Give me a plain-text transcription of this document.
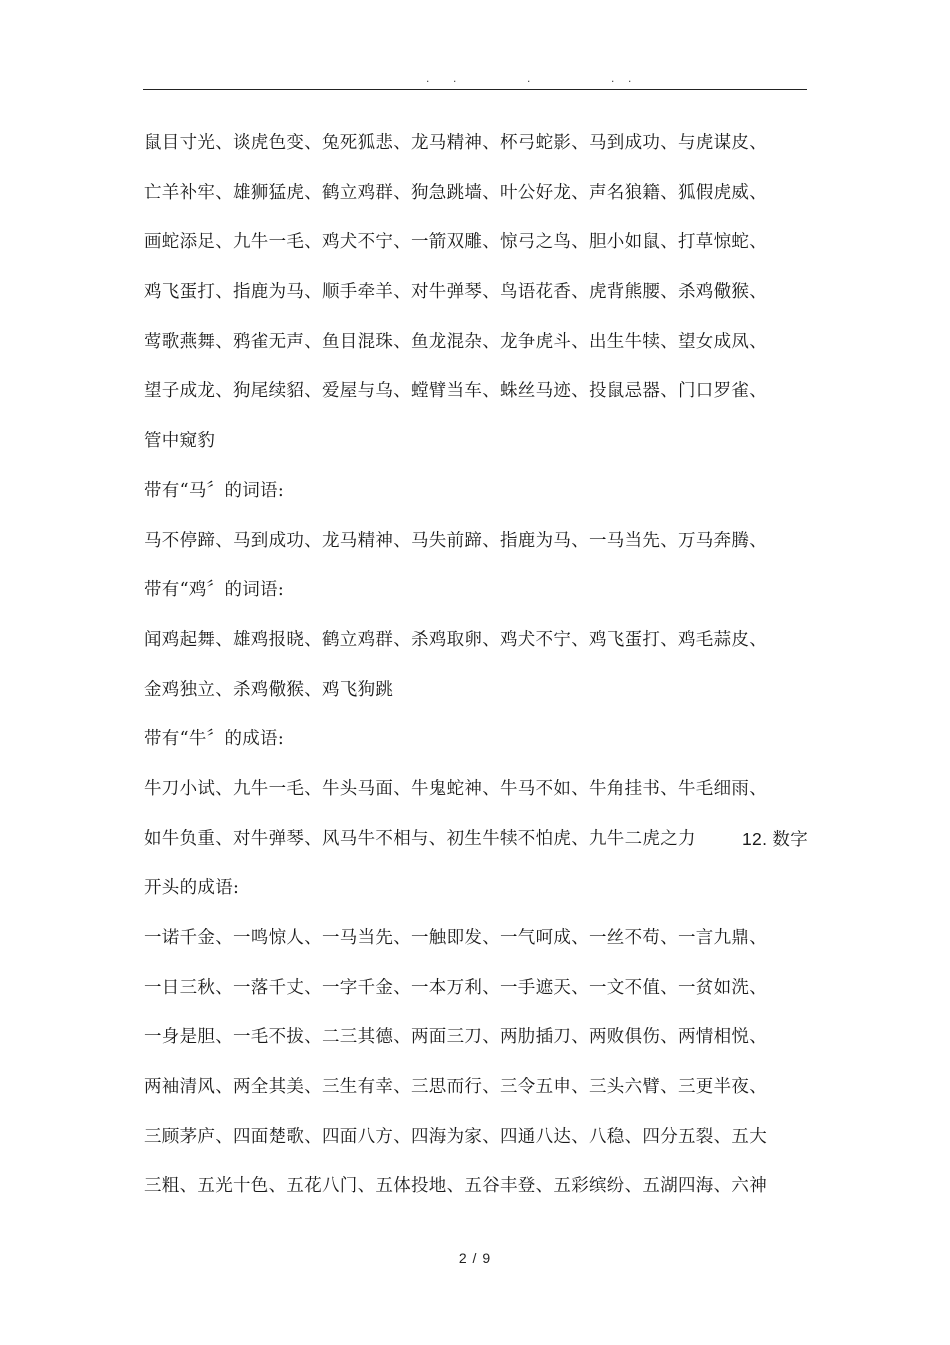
. .	.	. .
鼠目寸光、谈虎色变、兔死狐悲、龙马精神、杯弓蛇影、马到成功、与虎谋皮、
亡羊补牢、雄狮猛虎、鹤立鸡群、狗急跳墙、叶公好龙、声名狼籍、狐假虎威、
画蛇添足、九牛一毛、鸡犬不宁、一箭双雕、惊弓之鸟、胆小如鼠、打草惊蛇、
鸡飞蛋打、指鹿为马、顺手牵羊、对牛弹琴、鸟语花香、虎背熊腰、杀鸡儆猴、
莺歌燕舞、鸦雀无声、鱼目混珠、鱼龙混杂、龙争虎斗、出生牛犊、望女成凤、
望子成龙、狗尾续貂、爱屋与乌、螳臂当车、蛛丝马迹、投鼠忌器、门口罗雀、
管中窥豹
带有“马〞的词语:
马不停蹄、马到成功、龙马精神、马失前蹄、指鹿为马、一马当先、万马奔腾、
带有“鸡〞的词语:
闻鸡起舞、雄鸡报晓、鹤立鸡群、杀鸡取卵、鸡犬不宁、鸡飞蛋打、鸡毛蒜皮、
金鸡独立、杀鸡儆猴、鸡飞狗跳
带有“牛〞的成语:
牛刀小试、九牛一毛、牛头马面、牛鬼蛇神、牛马不如、牛角挂书、牛毛细雨、
如牛负重、对牛弹琴、风马牛不相与、初生牛犊不怕虎、九牛二虎之力	12. 数字
开头的成语:
一诺千金、一鸣惊人、一马当先、一触即发、一气呵成、一丝不苟、一言九鼎、
一日三秋、一落千丈、一字千金、一本万利、一手遮天、一文不值、一贫如洗、
一身是胆、一毛不拔、二三其德、两面三刀、两肋插刀、两败俱伤、两情相悦、
两袖清风、两全其美、三生有幸、三思而行、三令五申、三头六臂、三更半夜、
三顾茅庐、四面楚歌、四面八方、四海为家、四通八达、八稳、四分五裂、五大
三粗、五光十色、五花八门、五体投地、五谷丰登、五彩缤纷、五湖四海、六神
2 / 9
